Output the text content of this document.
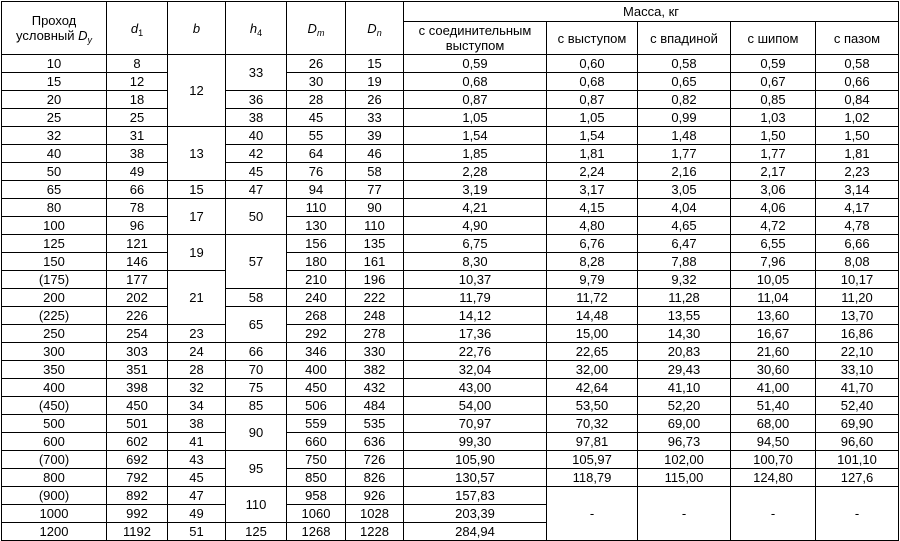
Проход
условный $D_y$	$d_1$	b	$h_4$	$D_m$	$D_n$	Масса, кг				
						с соединительным выступом	с выступом	с впадиной	с шипом	с пазом
10	8	12	33	26	15	0,59	0,60	0,58	0,59	0,58
15	12			30	19	0,68	0,68	0,65	0,67	0,66
20	18		36	28	26	0,87	0,87	0,82	0,85	0,84
25	25		38	45	33	1,05	1,05	0,99	1,03	1,02
32	31	13	40	55	39	1,54	1,54	1,48	1,50	1,50
40	38		42	64	46	1,85	1,81	1,77	1,77	1,81
50	49		45	76	58	2,28	2,24	2,16	2,17	2,23
65	66	15	47	94	77	3,19	3,17	3,05	3,06	3,14
80	78	17	50	110	90	4,21	4,15	4,04	4,06	4,17
100	96			130	110	4,90	4,80	4,65	4,72	4,78
125	121	19	57	156	135	6,75	6,76	6,47	6,55	6,66
150	146			180	161	8,30	8,28	7,88	7,96	8,08
(175)	177	21		210	196	10,37	9,79	9,32	10,05	10,17
200	202		58	240	222	11,79	11,72	11,28	11,04	11,20
(225)	226		65	268	248	14,12	14,48	13,55	13,60	13,70
250	254	23		292	278	17,36	15,00	14,30	16,67	16,86
300	303	24	66	346	330	22,76	22,65	20,83	21,60	22,10
350	351	28	70	400	382	32,04	32,00	29,43	30,60	33,10
400	398	32	75	450	432	43,00	42,64	41,10	41,00	41,70
(450)	450	34	85	506	484	54,00	53,50	52,20	51,40	52,40
500	501	38	90	559	535	70,97	70,32	69,00	68,00	69,90
600	602	41		660	636	99,30	97,81	96,73	94,50	96,60
(700)	692	43	95	750	726	105,90	105,97	102,00	100,70	101,10
800	792	45		850	826	130,57	118,79	115,00	124,80	127,6
(900)	892	47	110	958	926	157,83	-	-	-	-
1000	992	49		1060	1028	203,39				
1200	1192	51	125	1268	1228	284,94				
